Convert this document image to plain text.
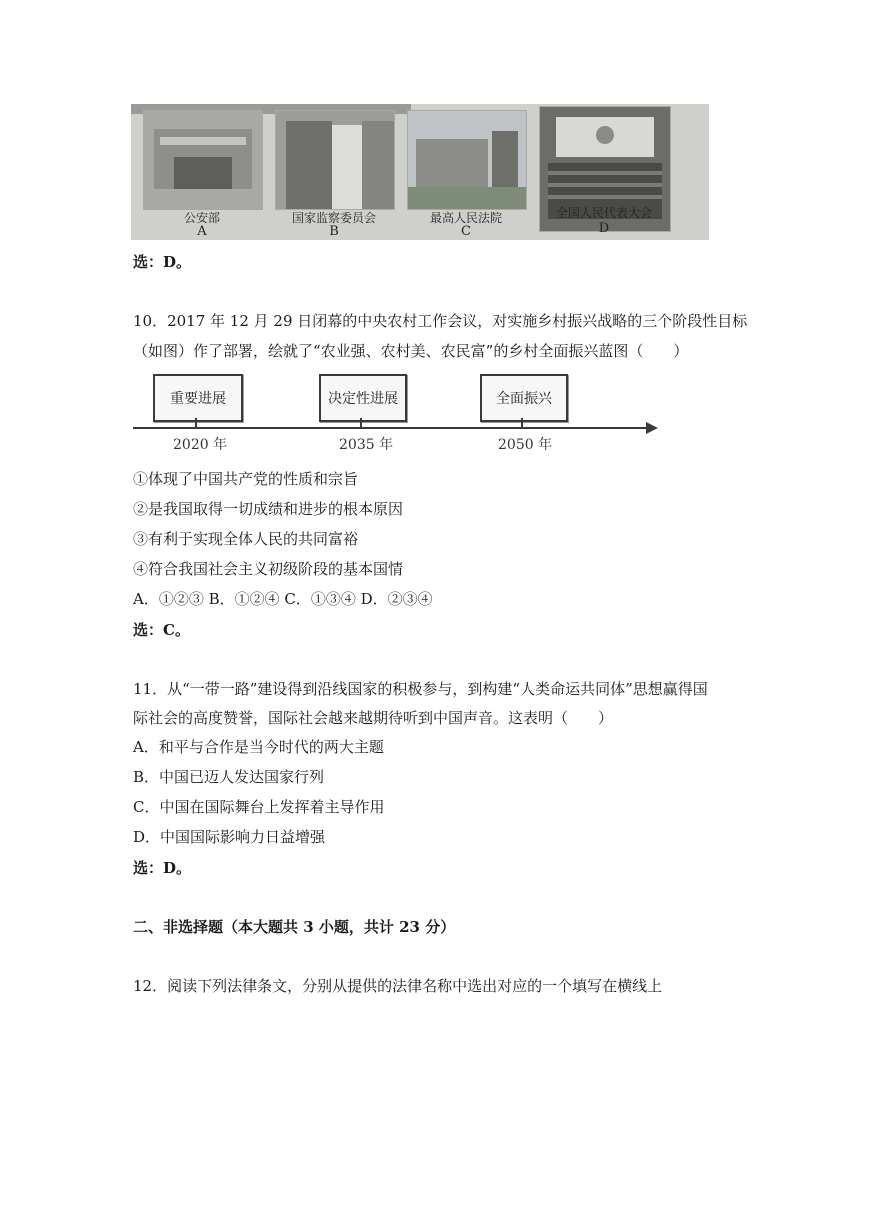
公安部
A
国家监察委员会
B
最高人民法院
C
全国人民代表大会
D
选：D。
10．2017 年 12 月 29 日闭幕的中央农村工作会议，对实施乡村振兴战略的三个阶段性目标
（如图）作了部署，绘就了“农业强、农村美、农民富”的乡村全面振兴蓝图（　　）
重要进展	决定性进展	全面振兴
2020 年	2035 年	2050 年
①体现了中国共产党的性质和宗旨
②是我国取得一切成绩和进步的根本原因
③有利于实现全体人民的共同富裕
④符合我国社会主义初级阶段的基本国情
A．①②③ B．①②④ C．①③④ D．②③④
选：C。
11．从“一带一路”建设得到沿线国家的积极参与，到构建“人类命运共同体”思想赢得国
际社会的高度赞誉，国际社会越来越期待听到中国声音。这表明（　　）
A．和平与合作是当今时代的两大主题
B．中国已迈人发达国家行列
C．中国在国际舞台上发挥着主导作用
D．中国国际影响力日益增强
选：D。
二、非选择题（本大题共 3 小题，共计 23 分）
12．阅读下列法律条文，分别从提供的法律名称中选出对应的一个填写在横线上
